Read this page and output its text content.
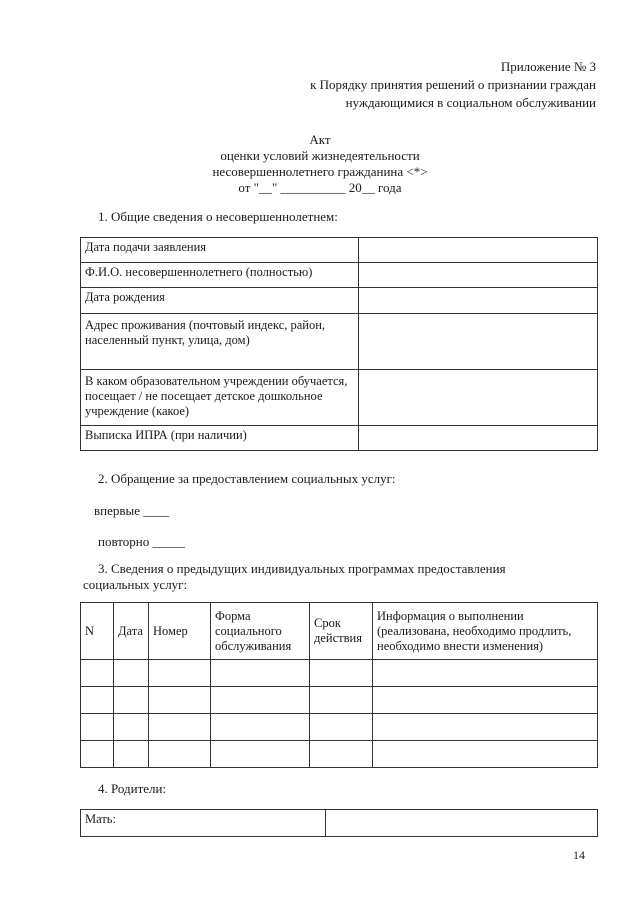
Приложение № 3
к Порядку принятия решений о признании граждан
нуждающимися в социальном обслуживании
Акт
оценки условий жизнедеятельности
несовершеннолетнего гражданина <*>
от "__" __________ 20__ года
1. Общие сведения о несовершеннолетнем:
Дата подачи заявления	
Ф.И.О. несовершеннолетнего (полностью)	
Дата рождения	
Адрес проживания (почтовый индекс, район, населенный пункт, улица, дом)	
В каком образовательном учреждении обучается, посещает / не посещает детское дошкольное учреждение (какое)	
Выписка ИПРА (при наличии)	
2. Обращение за предоставлением социальных услуг:
впервые ____
повторно _____
3. Сведения о предыдущих индивидуальных программах предоставления
социальных услуг:
N	Дата	Номер	Форма социального обслуживания	Срок действия	Информация о выполнении (реализована, необходимо продлить, необходимо внести изменения)

4. Родители:
Мать:	
14
